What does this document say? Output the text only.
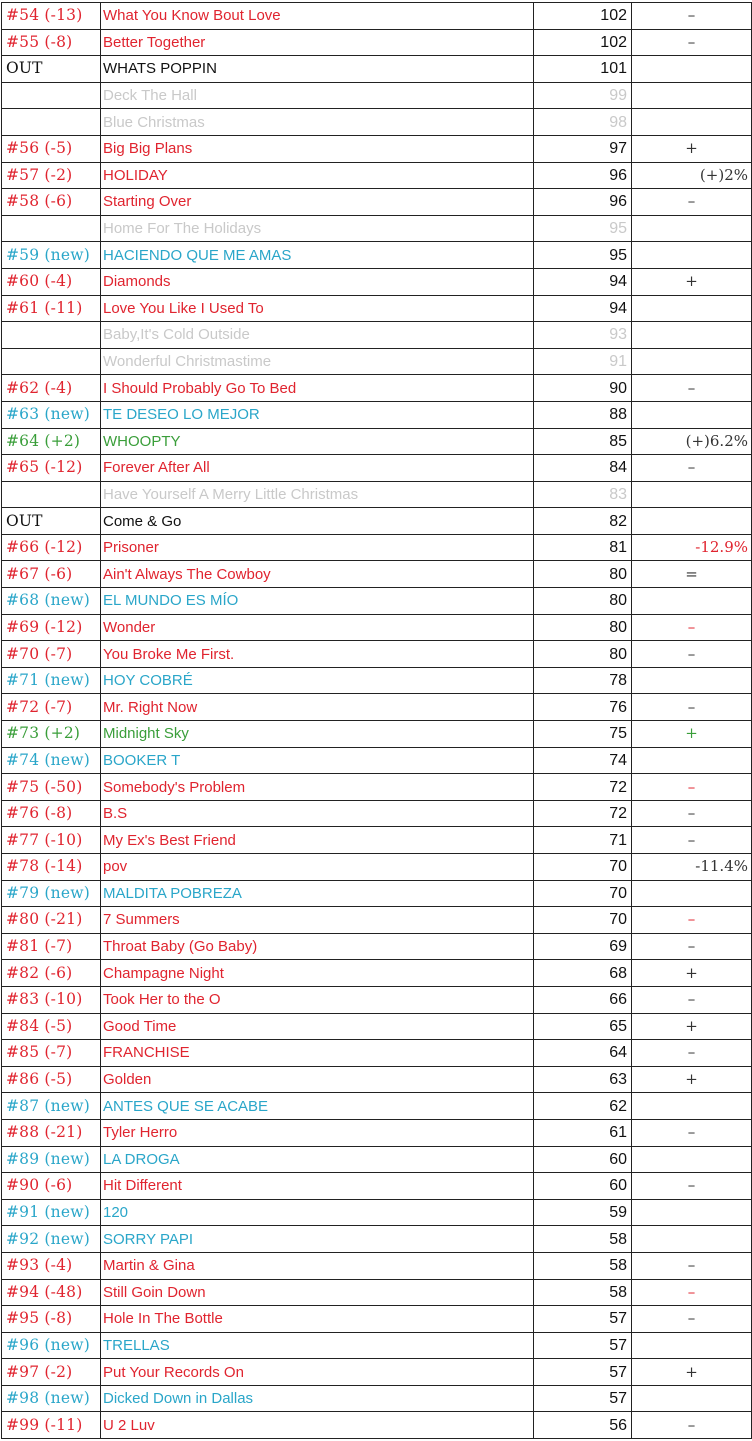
#54 (-13)	What You Know Bout Love	102	–
#55 (-8)	Better Together	102	–
OUT	WHATS POPPIN	101	
	Deck The Hall	99	
	Blue Christmas	98	
#56 (-5)	Big Big Plans	97	+
#57 (-2)	HOLIDAY	96	(+)2%
#58 (-6)	Starting Over	96	–
	Home For The Holidays	95	
#59 (new)	HACIENDO QUE ME AMAS	95	
#60 (-4)	Diamonds	94	+
#61 (-11)	Love You Like I Used To	94	
	Baby,It's Cold Outside	93	
	Wonderful Christmastime	91	
#62 (-4)	I Should Probably Go To Bed	90	–
#63 (new)	TE DESEO LO MEJOR	88	
#64 (+2)	WHOOPTY	85	(+)6.2%
#65 (-12)	Forever After All	84	–
	Have Yourself A Merry Little Christmas	83	
OUT	Come & Go	82	
#66 (-12)	Prisoner	81	-12.9%
#67 (-6)	Ain't Always The Cowboy	80	=
#68 (new)	EL MUNDO ES MÍO	80	
#69 (-12)	Wonder	80	–
#70 (-7)	You Broke Me First.	80	–
#71 (new)	HOY COBRÉ	78	
#72 (-7)	Mr. Right Now	76	–
#73 (+2)	Midnight Sky	75	+
#74 (new)	BOOKER T	74	
#75 (-50)	Somebody's Problem	72	–
#76 (-8)	B.S	72	–
#77 (-10)	My Ex's Best Friend	71	–
#78 (-14)	pov	70	-11.4%
#79 (new)	MALDITA POBREZA	70	
#80 (-21)	7 Summers	70	–
#81 (-7)	Throat Baby (Go Baby)	69	–
#82 (-6)	Champagne Night	68	+
#83 (-10)	Took Her to the O	66	–
#84 (-5)	Good Time	65	+
#85 (-7)	FRANCHISE	64	–
#86 (-5)	Golden	63	+
#87 (new)	ANTES QUE SE ACABE	62	
#88 (-21)	Tyler Herro	61	–
#89 (new)	LA DROGA	60	
#90 (-6)	Hit Different	60	–
#91 (new)	120	59	
#92 (new)	SORRY PAPI	58	
#93 (-4)	Martin & Gina	58	–
#94 (-48)	Still Goin Down	58	–
#95 (-8)	Hole In The Bottle	57	–
#96 (new)	TRELLAS	57	
#97 (-2)	Put Your Records On	57	+
#98 (new)	Dicked Down in Dallas	57	
#99 (-11)	U 2 Luv	56	–
